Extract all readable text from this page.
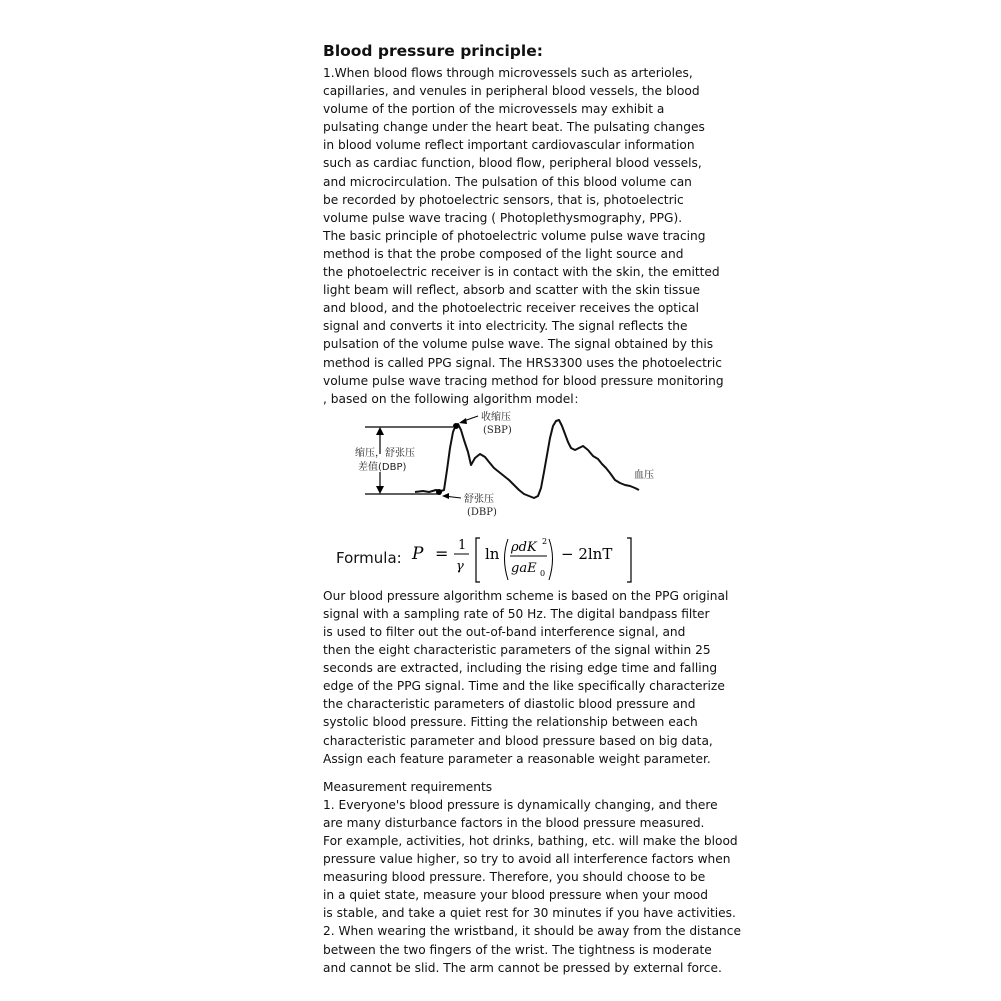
Blood pressure principle:
1.When blood flows through microvessels such as arterioles,
capillaries, and venules in peripheral blood vessels, the blood
volume of the portion of the microvessels may exhibit a
pulsating change under the heart beat. The pulsating changes
in blood volume reflect important cardiovascular information
such as cardiac function, blood flow, peripheral blood vessels,
and microcirculation. The pulsation of this blood volume can
be recorded by photoelectric sensors, that is, photoelectric
volume pulse wave tracing ( Photoplethysmography, PPG).
The basic principle of photoelectric volume pulse wave tracing
method is that the probe composed of the light source and
the photoelectric receiver is in contact with the skin, the emitted
light beam will reflect, absorb and scatter with the skin tissue
and blood, and the photoelectric receiver receives the optical
signal and converts it into electricity. The signal reflects the
pulsation of the volume pulse wave. The signal obtained by this
method is called PPG signal. The HRS3300 uses the photoelectric
volume pulse wave tracing method for blood pressure monitoring
, based on the following algorithm model：
收缩压
(SBP)
缩压，舒张压
差值(DBP)
舒张压
(DBP)
血压
Formula: P = 1
γ
ln ρdK 2
gaE 0
− 2lnT
Our blood pressure algorithm scheme is based on the PPG original
signal with a sampling rate of 50 Hz. The digital bandpass filter
is used to filter out the out-of-band interference signal, and
then the eight characteristic parameters of the signal within 25
seconds are extracted, including the rising edge time and falling
edge of the PPG signal. Time and the like specifically characterize
the characteristic parameters of diastolic blood pressure and
systolic blood pressure. Fitting the relationship between each
characteristic parameter and blood pressure based on big data,
Assign each feature parameter a reasonable weight parameter.
Measurement requirements
1. Everyone's blood pressure is dynamically changing, and there
are many disturbance factors in the blood pressure measured.
For example, activities, hot drinks, bathing, etc. will make the blood
pressure value higher, so try to avoid all interference factors when
measuring blood pressure. Therefore, you should choose to be
in a quiet state, measure your blood pressure when your mood
is stable, and take a quiet rest for 30 minutes if you have activities.
2. When wearing the wristband, it should be away from the distance
between the two fingers of the wrist. The tightness is moderate
and cannot be slid. The arm cannot be pressed by external force.
